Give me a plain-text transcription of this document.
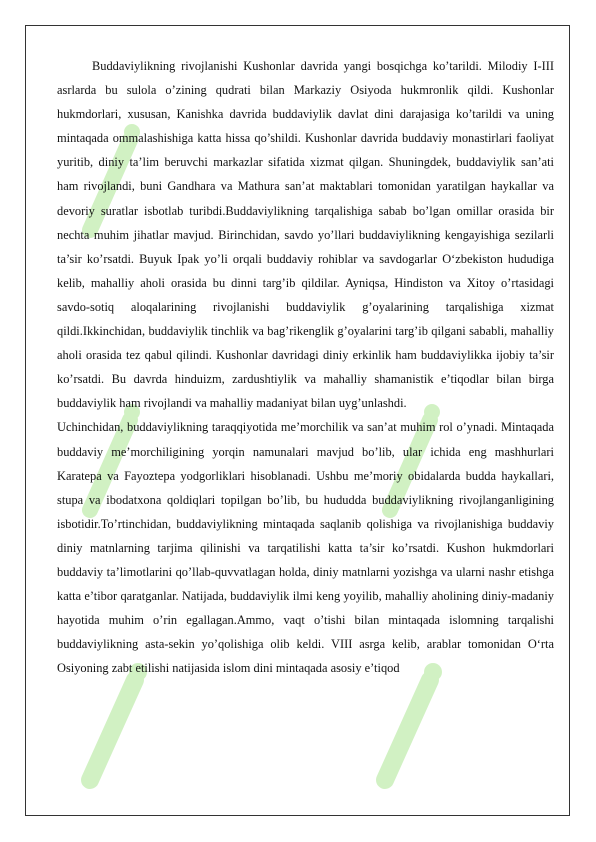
Buddaviylikning rivojlanishi Kushonlar davrida yangi bosqichga ko’tarildi. Milodiy I-III asrlarda bu sulola o’zining qudrati bilan Markaziy Osiyoda hukmronlik qildi. Kushonlar hukmdorlari, xususan, Kanishka davrida buddaviylik davlat dini darajasiga ko’tarildi va uning mintaqada ommalashishiga katta hissa qo’shildi. Kushonlar davrida buddaviy monastirlari faoliyat yuritib, diniy ta’lim beruvchi markazlar sifatida xizmat qilgan. Shuningdek, buddaviylik san’ati ham rivojlandi, buni Gandhara va Mathura san’at maktablari tomonidan yaratilgan haykallar va devoriy suratlar isbotlab turibdi.Buddaviylikning tarqalishiga sabab bo’lgan omillar orasida bir nechta muhim jihatlar mavjud. Birinchidan, savdo yo’llari buddaviylikning kengayishiga sezilarli ta’sir ko’rsatdi. Buyuk Ipak yo’li orqali buddaviy rohiblar va savdogarlar O‘zbekiston hududiga kelib, mahalliy aholi orasida bu dinni targ’ib qildilar. Ayniqsa, Hindiston va Xitoy o’rtasidagi savdo-sotiq aloqalarining rivojlanishi buddaviylik g’oyalarining tarqalishiga xizmat qildi.Ikkinchidan, buddaviylik tinchlik va bag’rikenglik g’oyalarini targ’ib qilgani sababli, mahalliy aholi orasida tez qabul qilindi. Kushonlar davridagi diniy erkinlik ham buddaviylikka ijobiy ta’sir ko’rsatdi. Bu davrda hinduizm, zardushtiylik va mahalliy shamanistik e’tiqodlar bilan birga buddaviylik ham rivojlandi va mahalliy madaniyat bilan uyg’unlashdi.

Uchinchidan, buddaviylikning taraqqiyotida me’morchilik va san’at muhim rol o’ynadi. Mintaqada buddaviy me’morchiligining yorqin namunalari mavjud bo’lib, ular ichida eng mashhurlari Karatepa va Fayoztepa yodgorliklari hisoblanadi. Ushbu me’moriy obidalarda budda haykallari, stupa va ibodatxona qoldiqlari topilgan bo’lib, bu hududda buddaviylikning rivojlanganligining isbotidir.To’rtinchidan, buddaviylikning mintaqada saqlanib qolishiga va rivojlanishiga buddaviy diniy matnlarning tarjima qilinishi va tarqatilishi katta ta’sir ko’rsatdi. Kushon hukmdorlari buddaviy ta’limotlarini qo’llab-quvvatlagan holda, diniy matnlarni yozishga va ularni nashr etishga katta e’tibor qaratganlar. Natijada, buddaviylik ilmi keng yoyilib, mahalliy aholining diniy-madaniy hayotida muhim o’rin egallagan.Ammo, vaqt o’tishi bilan mintaqada islomning tarqalishi buddaviylikning asta-sekin yo’qolishiga olib keldi. VIII asrga kelib, arablar tomonidan O‘rta Osiyoning zabt etilishi natijasida islom dini mintaqada asosiy e’tiqod
